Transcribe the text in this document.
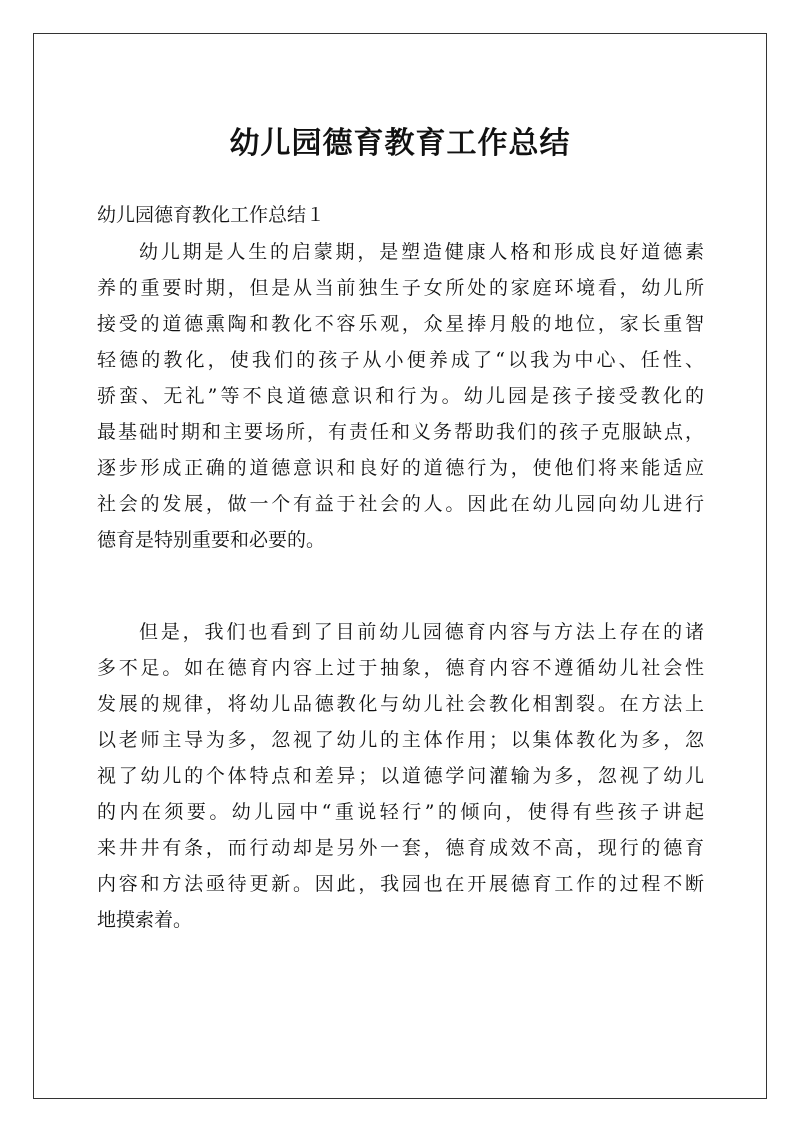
幼儿园德育教育工作总结

幼儿园德育教化工作总结１

幼儿期是人生的启蒙期，是塑造健康人格和形成良好道德素
养的重要时期，但是从当前独生子女所处的家庭环境看，幼儿所
接受的道德熏陶和教化不容乐观，众星捧月般的地位，家长重智
轻德的教化，使我们的孩子从小便养成了“以我为中心、任性、
骄蛮、无礼”等不良道德意识和行为。幼儿园是孩子接受教化的
最基础时期和主要场所，有责任和义务帮助我们的孩子克服缺点，
逐步形成正确的道德意识和良好的道德行为，使他们将来能适应
社会的发展，做一个有益于社会的人。因此在幼儿园向幼儿进行
德育是特别重要和必要的。
但是，我们也看到了目前幼儿园德育内容与方法上存在的诸
多不足。如在德育内容上过于抽象，德育内容不遵循幼儿社会性
发展的规律，将幼儿品德教化与幼儿社会教化相割裂。在方法上
以老师主导为多，忽视了幼儿的主体作用；以集体教化为多，忽
视了幼儿的个体特点和差异；以道德学问灌输为多，忽视了幼儿
的内在须要。幼儿园中“重说轻行”的倾向，使得有些孩子讲起
来井井有条，而行动却是另外一套，德育成效不高，现行的德育
内容和方法亟待更新。因此，我园也在开展德育工作的过程不断
地摸索着。
